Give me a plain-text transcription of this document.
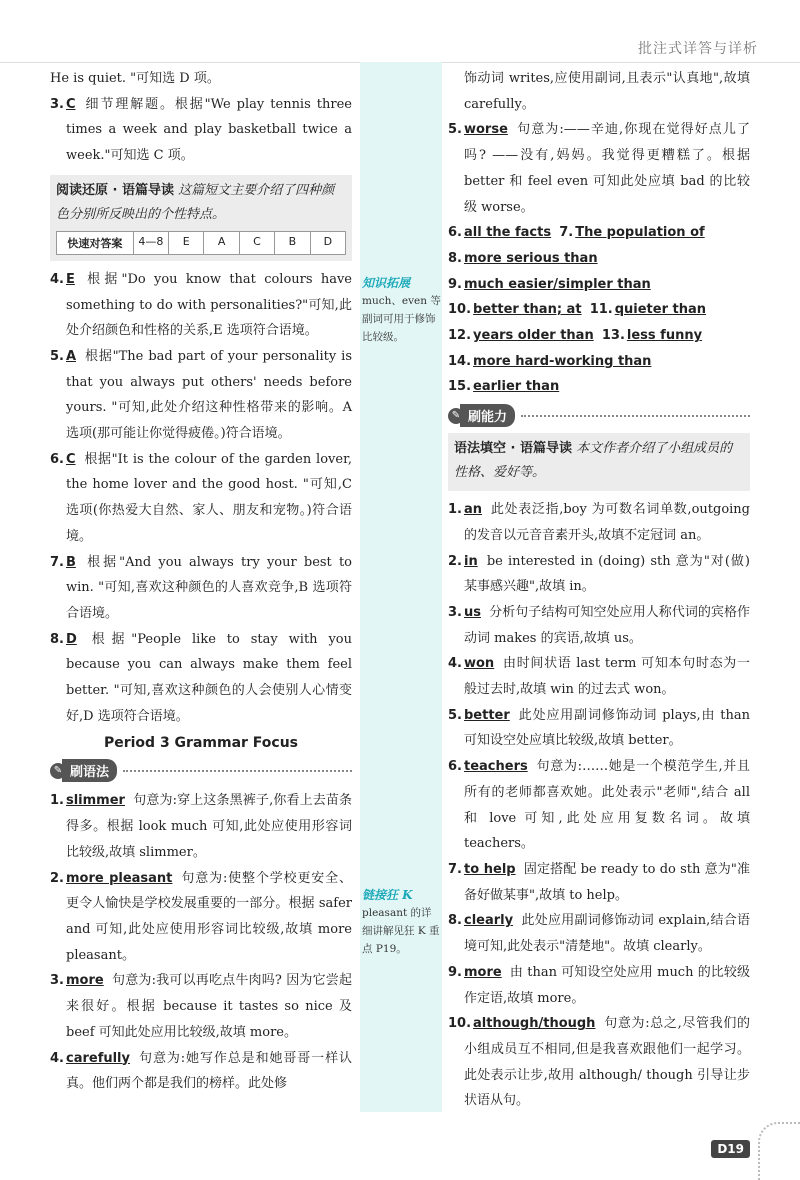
批注式详答与详析

He is quiet. "可知选 D 项。

3. C 细节理解题。根据"We play tennis three times a week and play basketball twice a week."可知选 C 项。

阅读还原 · 语篇导读 这篇短文主要介绍了四种颜色分别所反映出的个性特点。

快速对答案	4—8	E	A	C	B	D

4. E 根据"Do you know that colours have something to do with personalities?"可知,此处介绍颜色和性格的关系,E 选项符合语境。

5. A 根据"The bad part of your personality is that you always put others' needs before yours. "可知,此处介绍这种性格带来的影响。A 选项(那可能让你觉得疲倦。)符合语境。

6. C 根据"It is the colour of the garden lover, the home lover and the good host. "可知,C 选项(你热爱大自然、家人、朋友和宠物。)符合语境。

7. B 根据"And you always try your best to win. "可知,喜欢这种颜色的人喜欢竞争,B 选项符合语境。

8. D 根据"People like to stay with you because you can always make them feel better. "可知,喜欢这种颜色的人会使别人心情变好,D 选项符合语境。

Period 3 Grammar Focus
✎ 刷语法

1. slimmer 句意为:穿上这条黑裤子,你看上去苗条得多。根据 look much 可知,此处应使用形容词比较级,故填 slimmer。

2. more pleasant 句意为:使整个学校更安全、更令人愉快是学校发展重要的一部分。根据 safer and 可知,此处应使用形容词比较级,故填 more pleasant。

3. more 句意为:我可以再吃点牛肉吗? 因为它尝起来很好。根据 because it tastes so nice 及 beef 可知此处应用比较级,故填 more。

4. carefully 句意为:她写作总是和她哥哥一样认真。他们两个都是我们的榜样。此处修

知识拓展
much、even 等副词可用于修饰比较级。
链接狂 K
pleasant 的详细讲解见狂 K 重点 P19。

饰动词 writes,应使用副词,且表示"认真地",故填 carefully。

5. worse 句意为:——辛迪,你现在觉得好点儿了吗? ——没有,妈妈。我觉得更糟糕了。根据 better 和 feel even 可知此处应填 bad 的比较级 worse。

6. all the facts 7. The population of

8. more serious than

9. much easier/simpler than

10. better than; at 11. quieter than

12. years older than 13. less funny

14. more hard-working than

15. earlier than

✎ 刷能力

语法填空 · 语篇导读 本文作者介绍了小组成员的性格、爱好等。

1. an 此处表泛指,boy 为可数名词单数,outgoing 的发音以元音音素开头,故填不定冠词 an。

2. in be interested in (doing) sth 意为"对(做)某事感兴趣",故填 in。

3. us 分析句子结构可知空处应用人称代词的宾格作动词 makes 的宾语,故填 us。

4. won 由时间状语 last term 可知本句时态为一般过去时,故填 win 的过去式 won。

5. better 此处应用副词修饰动词 plays,由 than 可知设空处应填比较级,故填 better。

6. teachers 句意为:……她是一个模范学生,并且所有的老师都喜欢她。此处表示"老师",结合 all 和 love 可知,此处应用复数名词。故填 teachers。

7. to help 固定搭配 be ready to do sth 意为"准备好做某事",故填 to help。

8. clearly 此处应用副词修饰动词 explain,结合语境可知,此处表示"清楚地"。故填 clearly。

9. more 由 than 可知设空处应用 much 的比较级作定语,故填 more。

10. although/though 句意为:总之,尽管我们的小组成员互不相同,但是我喜欢跟他们一起学习。此处表示让步,故用 although/ though 引导让步状语从句。

D19
